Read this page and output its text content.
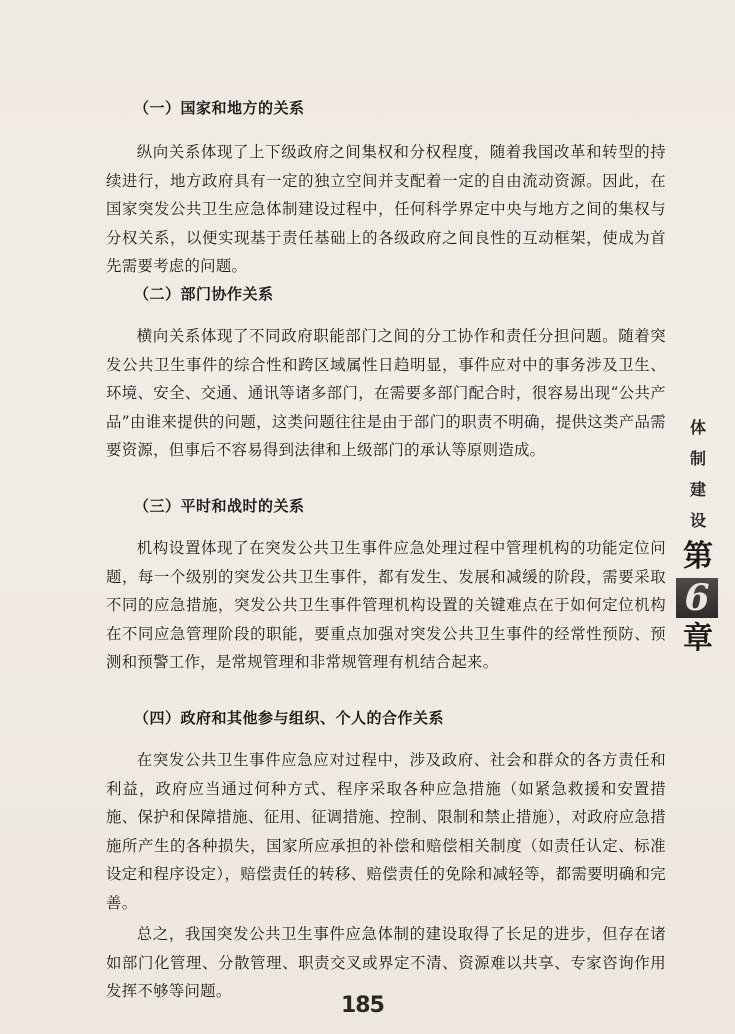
（一）国家和地方的关系

纵向关系体现了上下级政府之间集权和分权程度，随着我国改革和转型的持续进行，地方政府具有一定的独立空间并支配着一定的自由流动资源。因此，在国家突发公共卫生应急体制建设过程中，任何科学界定中央与地方之间的集权与分权关系，以便实现基于责任基础上的各级政府之间良性的互动框架，使成为首先需要考虑的问题。

（二）部门协作关系

横向关系体现了不同政府职能部门之间的分工协作和责任分担问题。随着突发公共卫生事件的综合性和跨区域属性日趋明显，事件应对中的事务涉及卫生、环境、安全、交通、通讯等诸多部门，在需要多部门配合时，很容易出现“公共产品”由谁来提供的问题，这类问题往往是由于部门的职责不明确，提供这类产品需要资源，但事后不容易得到法律和上级部门的承认等原则造成。

（三）平时和战时的关系

机构设置体现了在突发公共卫生事件应急处理过程中管理机构的功能定位问题，每一个级别的突发公共卫生事件，都有发生、发展和减缓的阶段，需要采取不同的应急措施，突发公共卫生事件管理机构设置的关键难点在于如何定位机构在不同应急管理阶段的职能，要重点加强对突发公共卫生事件的经常性预防、预测和预警工作，是常规管理和非常规管理有机结合起来。

（四）政府和其他参与组织、个人的合作关系

在突发公共卫生事件应急应对过程中，涉及政府、社会和群众的各方责任和利益，政府应当通过何种方式、程序采取各种应急措施（如紧急救援和安置措施、保护和保障措施、征用、征调措施、控制、限制和禁止措施），对政府应急措施所产生的各种损失，国家所应承担的补偿和赔偿相关制度（如责任认定、标准设定和程序设定），赔偿责任的转移、赔偿责任的免除和减轻等，都需要明确和完善。

总之，我国突发公共卫生事件应急体制的建设取得了长足的进步，但存在诸如部门化管理、分散管理、职责交叉或界定不清、资源难以共享、专家咨询作用发挥不够等问题。

体
制
建
设
第
6
章
185
